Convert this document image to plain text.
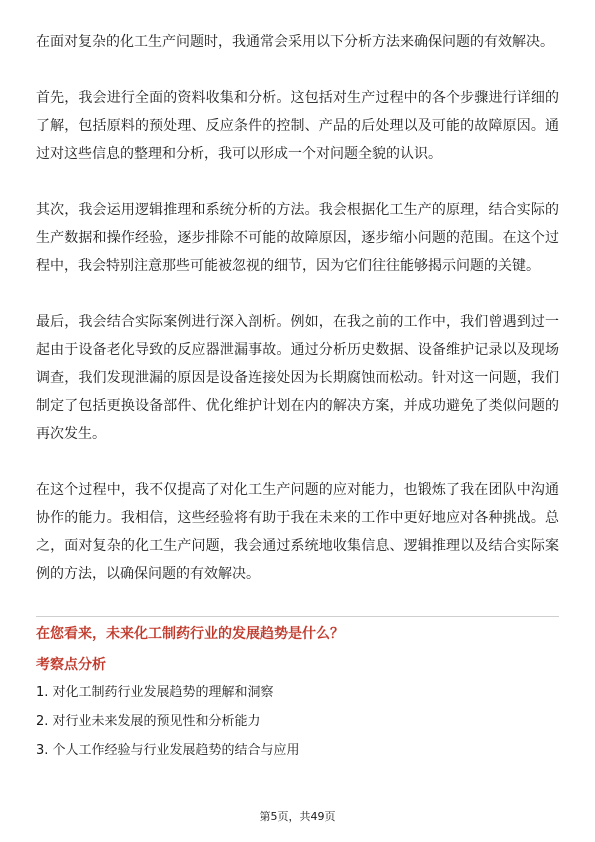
在面对复杂的化工生产问题时，我通常会采用以下分析方法来确保问题的有效解决。

首先，我会进行全面的资料收集和分析。这包括对生产过程中的各个步骤进行详细的了解，包括原料的预处理、反应条件的控制、产品的后处理以及可能的故障原因。通过对这些信息的整理和分析，我可以形成一个对问题全貌的认识。

其次，我会运用逻辑推理和系统分析的方法。我会根据化工生产的原理，结合实际的生产数据和操作经验，逐步排除不可能的故障原因，逐步缩小问题的范围。在这个过程中，我会特别注意那些可能被忽视的细节，因为它们往往能够揭示问题的关键。

最后，我会结合实际案例进行深入剖析。例如，在我之前的工作中，我们曾遇到过一起由于设备老化导致的反应器泄漏事故。通过分析历史数据、设备维护记录以及现场调查，我们发现泄漏的原因是设备连接处因为长期腐蚀而松动。针对这一问题，我们制定了包括更换设备部件、优化维护计划在内的解决方案，并成功避免了类似问题的再次发生。

在这个过程中，我不仅提高了对化工生产问题的应对能力，也锻炼了我在团队中沟通协作的能力。我相信，这些经验将有助于我在未来的工作中更好地应对各种挑战。总之，面对复杂的化工生产问题，我会通过系统地收集信息、逻辑推理以及结合实际案例的方法，以确保问题的有效解决。

在您看来，未来化工制药行业的发展趋势是什么？
考察点分析
1. 对化工制药行业发展趋势的理解和洞察
2. 对行业未来发展的预见性和分析能力
3. 个人工作经验与行业发展趋势的结合与应用
第5页，共49页
